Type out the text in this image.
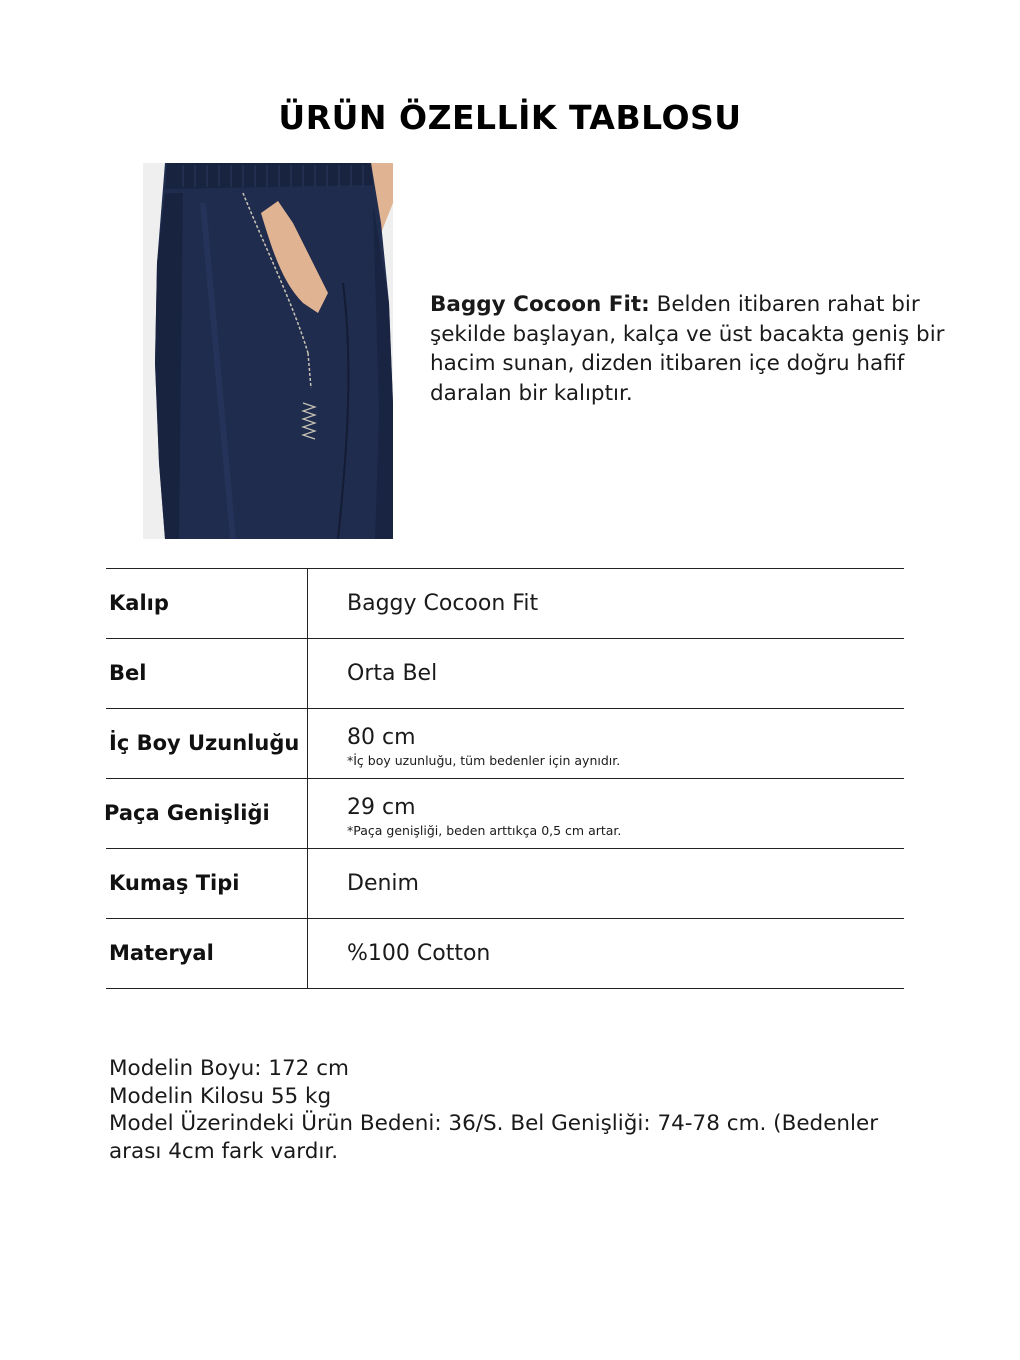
ÜRÜN ÖZELLİK TABLOSU
Baggy Cocoon Fit: Belden itibaren rahat bir şekilde başlayan, kalça ve üst bacakta geniş bir hacim sunan, dizden itibaren içe doğru hafif daralan bir kalıptır.
Kalıp	Baggy Cocoon Fit
Bel	Orta Bel
İç Boy Uzunluğu 80 cm
*İç boy uzunluğu, tüm bedenler için aynıdır.
Paça Genişliği	29 cm
*Paça genişliği, beden arttıkça 0,5 cm artar.
Kumaş Tipi	Denim
Materyal	%100 Cotton
Modelin Boyu: 172 cm
Modelin Kilosu 55 kg
Model Üzerindeki Ürün Bedeni: 36/S. Bel Genişliği: 74-78 cm. (Bedenler
arası 4cm fark vardır.
